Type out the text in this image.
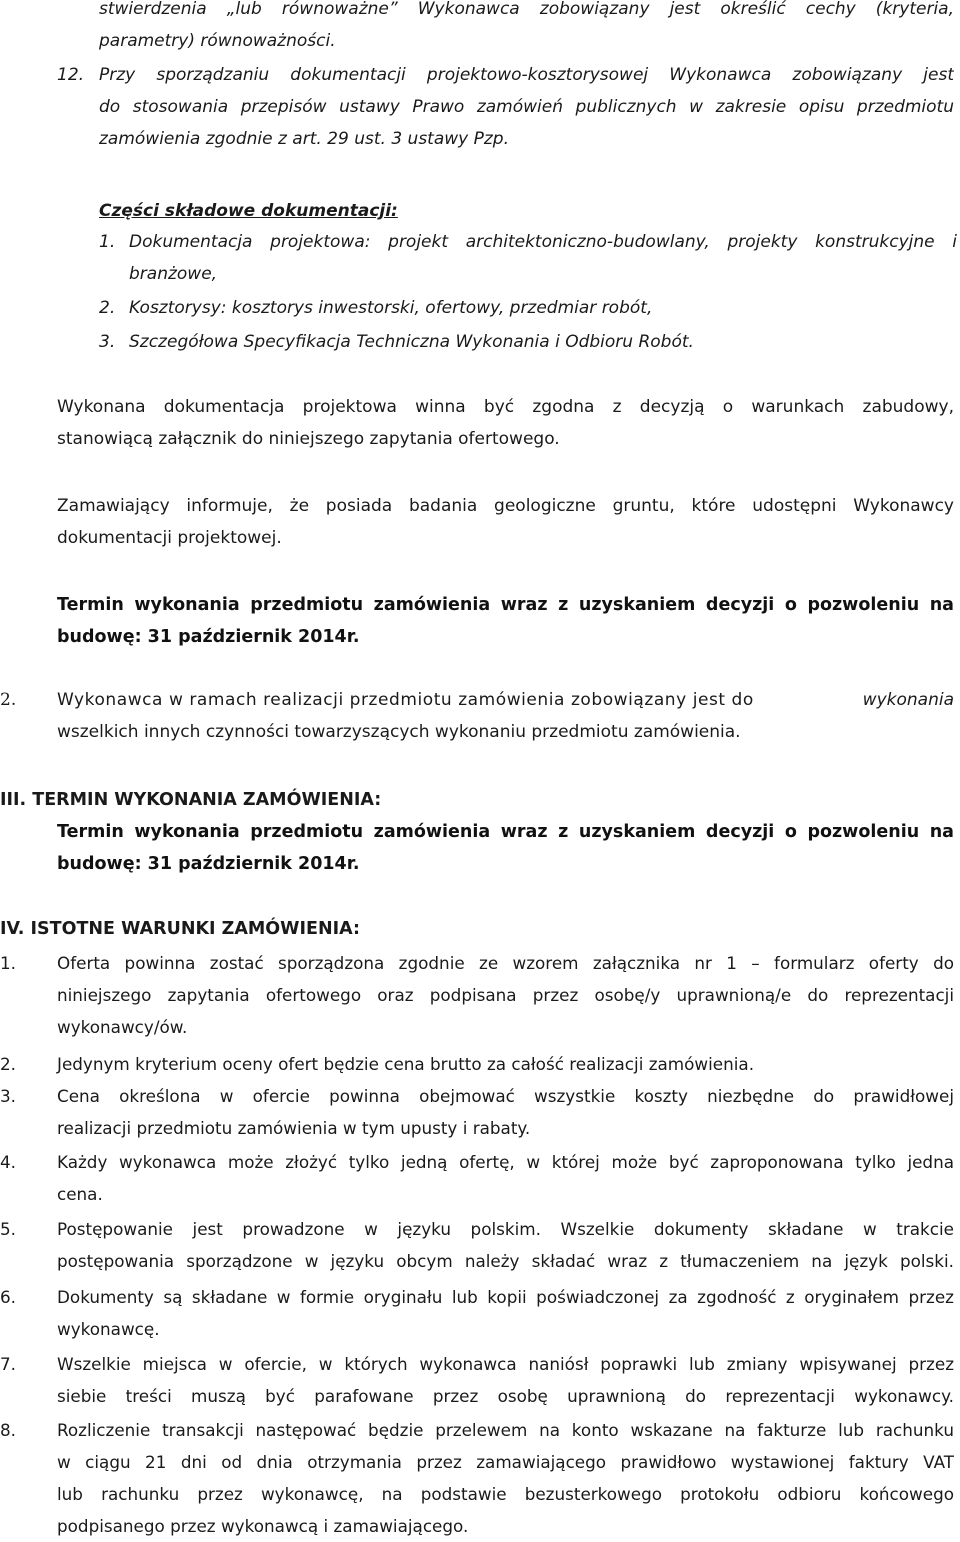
stwierdzenia „lub równoważne” Wykonawca zobowiązany jest określić cechy (kryteria,
parametry) równoważności.
12. Przy sporządzaniu dokumentacji projektowo-kosztorysowej Wykonawca zobowiązany jest
do stosowania przepisów ustawy Prawo zamówień publicznych w zakresie opisu przedmiotu
zamówienia zgodnie z art. 29 ust. 3 ustawy Pzp.
Części składowe dokumentacji:
1. Dokumentacja projektowa: projekt architektoniczno-budowlany, projekty konstrukcyjne i
branżowe,
2. Kosztorysy: kosztorys inwestorski, ofertowy, przedmiar robót,
3. Szczegółowa Specyfikacja Techniczna Wykonania i Odbioru Robót.
Wykonana dokumentacja projektowa winna być zgodna z decyzją o warunkach zabudowy,
stanowiącą załącznik do niniejszego zapytania ofertowego.
Zamawiający informuje, że posiada badania geologiczne gruntu, które udostępni Wykonawcy
dokumentacji projektowej.
Termin wykonania przedmiotu zamówienia wraz z uzyskaniem decyzji o pozwoleniu na
budowę: 31 październik 2014r.
2. Wykonawca w ramach realizacji przedmiotu zamówienia zobowiązany jest do	wykonania
wszelkich innych czynności towarzyszących wykonaniu przedmiotu zamówienia.
III. TERMIN WYKONANIA ZAMÓWIENIA:
Termin wykonania przedmiotu zamówienia wraz z uzyskaniem decyzji o pozwoleniu na
budowę: 31 październik 2014r.
IV. ISTOTNE WARUNKI ZAMÓWIENIA:
1. Oferta powinna zostać sporządzona zgodnie ze wzorem załącznika nr 1 – formularz oferty do
niniejszego zapytania ofertowego oraz podpisana przez osobę/y uprawnioną/e do reprezentacji
wykonawcy/ów.
2. Jedynym kryterium oceny ofert będzie cena brutto za całość realizacji zamówienia.
3. Cena określona w ofercie powinna obejmować wszystkie koszty niezbędne do prawidłowej
realizacji przedmiotu zamówienia w tym upusty i rabaty.
4. Każdy wykonawca może złożyć tylko jedną ofertę, w której może być zaproponowana tylko jedna
cena.
5. Postępowanie jest prowadzone w języku polskim. Wszelkie dokumenty składane w trakcie
postępowania sporządzone w języku obcym należy składać wraz z tłumaczeniem na język polski.
6. Dokumenty są składane w formie oryginału lub kopii poświadczonej za zgodność z oryginałem przez
wykonawcę.
7. Wszelkie miejsca w ofercie, w których wykonawca naniósł poprawki lub zmiany wpisywanej przez
siebie treści muszą być parafowane przez osobę uprawnioną do reprezentacji wykonawcy.
8. Rozliczenie transakcji następować będzie przelewem na konto wskazane na fakturze lub rachunku
w ciągu 21 dni od dnia otrzymania przez zamawiającego prawidłowo wystawionej faktury VAT
lub rachunku przez wykonawcę, na podstawie bezusterkowego protokołu odbioru końcowego
podpisanego przez wykonawcą i zamawiającego.
